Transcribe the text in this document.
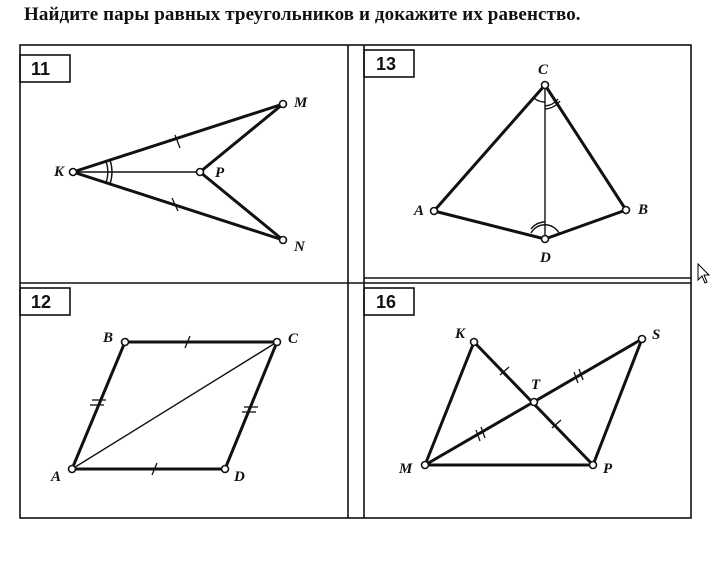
Найдите пары равных треугольников и докажите их равенство.
11
K
M
P
N
13	C
A	B
D
12
B	C
A	D
16
K	S
T
M	P
